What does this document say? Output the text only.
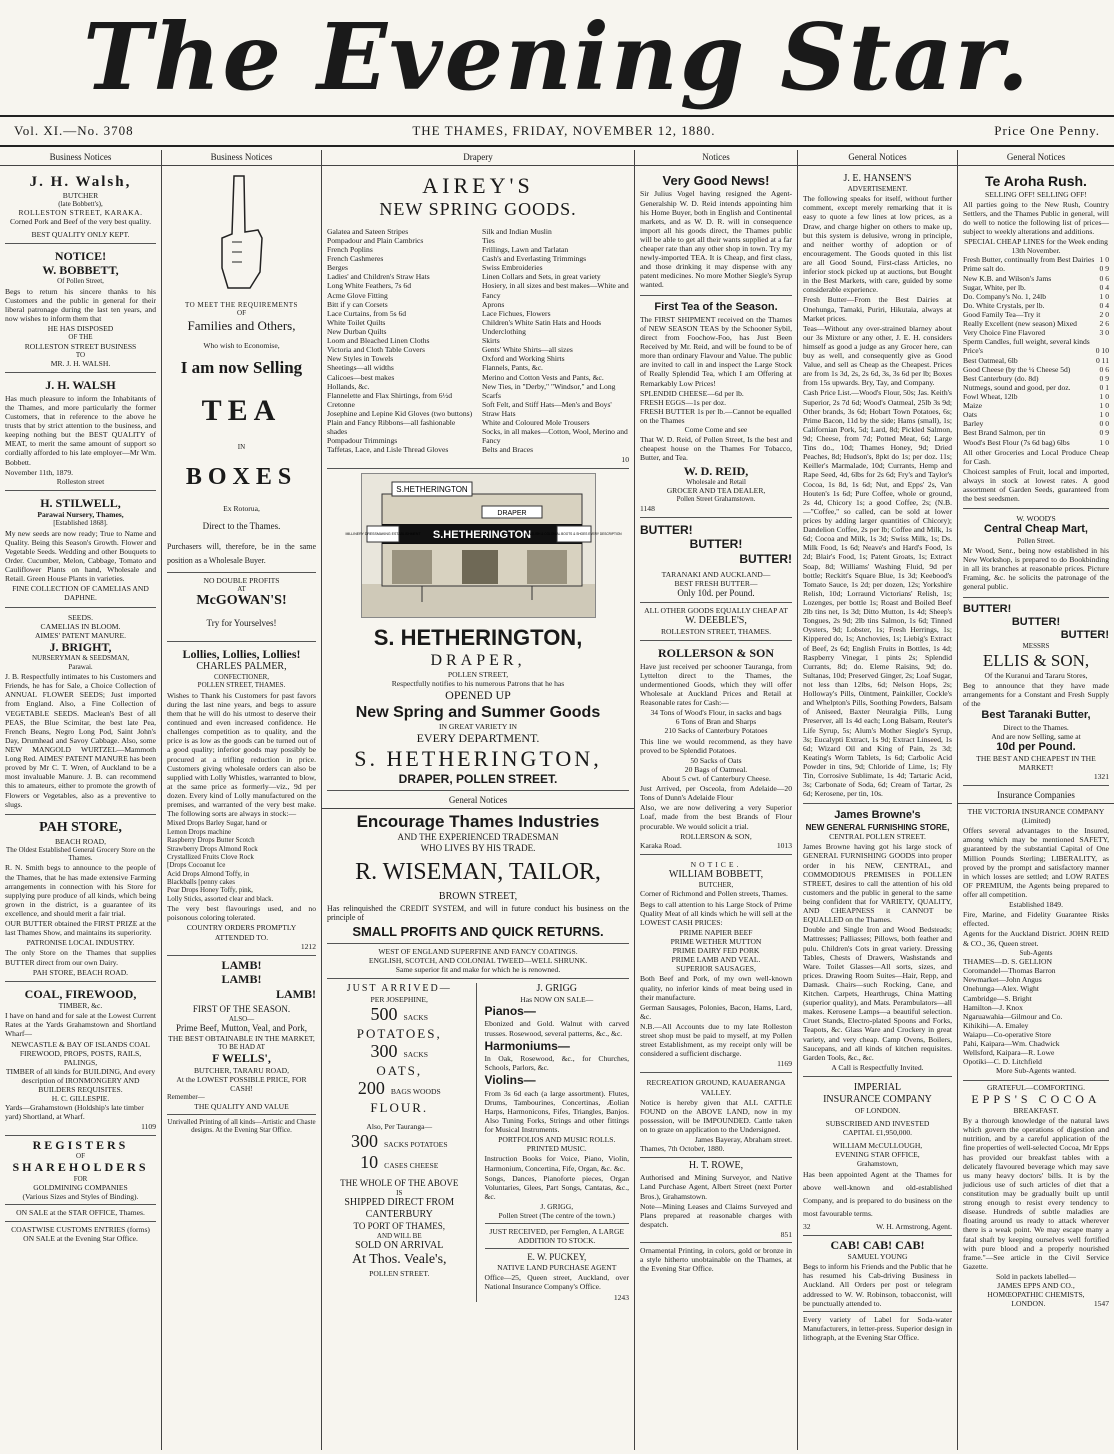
The Evening Star.
Vol. XI.—No. 3708	THE THAMES, FRIDAY, NOVEMBER 12, 1880.	Price One Penny.
Business Notices
J. H. Walsh,
BUTCHER
(late Bobbett's),
ROLLESTON STREET, KARAKA.
Corned Pork and Beef of the very best quality.
BEST QUALITY ONLY KEPT.
NOTICE!
W. BOBBETT,
Of Pollen Street,

Begs to return his sincere thanks to his Customers and the public in general for their liberal patronage during the last ten years, and now wishes to inform them that

HE HAS DISPOSED
OF THE
ROLLESTON STREET BUSINESS
TO
MR. J. H. WALSH.
J. H. WALSH

Has much pleasure to inform the Inhabitants of the Thames, and more particularly the former Customers, that in reference to the above he trusts that by strict attention to the business, and keeping nothing but the BEST QUALITY of MEAT, to merit the same amount of support so cordially afforded to his late employer—Mr Wm. Bobbett.

November 11th, 1879.
Rolleston street
H. STILWELL,
Parawai Nursery, Thames,
[Established 1868].

My new seeds are now ready; True to Name and Quality. Being this Season's Growth. Flower and Vegetable Seeds. Wedding and other Bouquets to Order. Cucumber, Melon, Cabbage, Tomato and Cauliflower Plants on hand, Wholesale and Retail. Green House Plants in varieties.

FINE COLLECTION OF CAMELIAS AND DAPHNE.
SEEDS.
CAMELIAS IN BLOOM.
AIMES' PATENT MANURE.
J. BRIGHT,
NURSERYMAN & SEEDSMAN,
Parawai.

J. B. Respectfully intimates to his Customers and Friends, he has for Sale, a Choice Collection of ANNUAL FLOWER SEEDS; Just imported from England. Also, a Fine Collection of VEGETABLE SEEDS. Maclean's Best of all PEAS, the Blue Scimitar, the best late Pea, French Beans, Negro Long Pod, Saint John's Day, Drumhead and Savoy Cabbage. Also, some NEW MANGOLD WURTZEL—Mammoth Long Red. AIMES' PATENT MANURE has been proved by Mr C. T. Wren, of Auckland to be a most invaluable Manure. J. B. can recommend this to amateurs, either to promote the growth of Flowers or Vegetables, also as a preventive to slugs.

PAH STORE,
BEACH ROAD,
The Oldest Established General Grocery Store on the Thames.

R. N. Smith begs to announce to the people of the Thames, that he has made extensive Farming arrangements in connection with his Store for supplying pure produce of all kinds, which being grown in the district, is a guarantee of its excellence, and should merit a fair trial.

OUR BUTTER obtained the FIRST PRIZE at the last Thames Show, and maintains its superiority.

PATRONISE LOCAL INDUSTRY.

The only Store on the Thames that supplies BUTTER direct from our own Dairy.

PAH STORE, BEACH ROAD.
COAL, FIREWOOD,
TIMBER, &c.

I have on hand and for sale at the Lowest Current Rates at the Yards Grahamstown and Shortland Wharf—

NEWCASTLE & BAY OF ISLANDS COAL
FIREWOOD, PROPS, POSTS, RAILS, PALINGS,
TIMBER of all kinds for BUILDING, And every description of IRONMONGERY AND BUILDERS REQUISITES.
H. C. GILLESPIE.
Yards—Grahamstown (Holdship's late timber yard) Shortland, at Wharf.
1109
REGISTERS
OF
SHAREHOLDERS
FOR
GOLDMINING COMPANIES
(Various Sizes and Styles of Binding).
ON SALE at the STAR OFFICE, Thames.
COASTWISE CUSTOMS ENTRIES (forms) ON SALE at the Evening Star Office.
Business Notices
TO MEET THE REQUIREMENTS
OF
Families and Others,
Who wish to Economise,
I am now Selling
TEA
IN
BOXES
Ex Rotorua,
Direct to the Thames.

Purchasers will, therefore, be in the same position as a Wholesale Buyer.

NO DOUBLE PROFITS
AT
McGOWAN'S!
Try for Yourselves!
Lollies, Lollies, Lollies!
CHARLES PALMER,
CONFECTIONER,
POLLEN STREET, THAMES.

Wishes to Thank his Customers for past favors during the last nine years, and begs to assure them that he will do his utmost to deserve their continued and even increased confidence. He challenges competition as to quality, and the price is as low as the goods can be turned out of a good quality; inferior goods may possibly be procured at a trifling reduction in price. Customers giving wholesale orders can also be supplied with Lolly Whistles, warranted to blow, at the same price as formerly—viz., 9d per dozen. Every kind of Lolly manufactured on the premises, and warranted of the very best make. The following sorts are always in stock:—

Mixed Drops Barley Sugar, hand or
Lemon Drops machine
Raspberry Drops Butter Scotch
Strawberry Drops Almond Rock
Crystallized Fruits Clove Rock
[Drops Cocoanut Ice
Acid Drops Almond Toffy, in
Blackballs [penny cakes
Pear Drops Honey Toffy, pink,
Lolly Sticks, assorted clear and black.

The very best flavourings used, and no poisonous coloring tolerated.

COUNTRY ORDERS PROMPTLY ATTENDED TO.
1212
LAMB!
LAMB!
LAMB!
FIRST OF THE SEASON.
ALSO—
Prime Beef, Mutton, Veal, and Pork,
THE BEST OBTAINABLE IN THE MARKET,
TO BE HAD AT
F WELLS',
BUTCHER, TARARU ROAD,
At the LOWEST POSSIBLE PRICE, FOR CASH!
Remember—
THE QUALITY AND VALUE
Unrivalled Printing of all kinds—Artistic and Chaste designs. At the Evening Star Office.
Drapery
AIREY'S
NEW SPRING GOODS.
Galatea and Sateen Stripes
Pompadour and Plain Cambrics
French Poplins
French Cashmeres
Berges
Ladies' and Children's Straw Hats
Long White Feathers, 7s 6d
Acme Glove Fitting
Bitt if y can Corsets
Lace Curtains, from 5s 6d
White Toilet Quilts
New Durban Quilts
Loom and Bleached Linen Cloths
Victoria and Cloth Table Covers
New Styles in Towels
Sheetings—all widths
Calicoes—best makes
Hollands, &c.
Flannelette and Flax Shirtings, from 6½d
Cretonne
Josephine and Lepine Kid Gloves (two buttons)
Plain and Fancy Ribbons—all fashionable shades
Pompadour Trimmings
Taffetas, Lace, and Lisle Thread Gloves
Silk and Indian Muslin
Ties
Frillings, Lawn and Tarlatan
Cash's and Everlasting Trimmings
Swiss Embroideries
Linen Collars and Sets, in great variety
Hosiery, in all sizes and best makes—White and Fancy
Aprons
Lace Fichues, Flowers
Children's White Satin Hats and Hoods
Underclothing
Skirts
Gents' White Shirts—all sizes
Oxford and Working Shirts
Flannels, Pants, &c.
Merino and Cotton Vests and Pants, &c.
New Ties, in "Derby," "Windsor," and Long Scarfs
Soft Felt, and Stiff Hats—Men's and Boys'
Straw Hats
White and Coloured Mole Trousers
Socks, in all makes—Cotton, Wool, Merino and Fancy
Belts and Braces
10
S.HETHERINGTON
DRAPER
S.HETHERINGTON
MILLINERY DRESSMAKING ESTABLISHMENT	ENGLISH & COLONIAL BOOTS & SHOES EVERY DESCRIPTION
S. HETHERINGTON,
DRAPER,
POLLEN STREET,
Respectfully notifies to his numerous Patrons that he has
OPENED UP
New Spring and Summer Goods
IN GREAT VARIETY IN
EVERY DEPARTMENT.
S. HETHERINGTON,
DRAPER, POLLEN STREET.
General Notices
Encourage Thames Industries
AND THE EXPERIENCED TRADESMAN
WHO LIVES BY HIS TRADE.
R. WISEMAN, TAILOR,
BROWN STREET,

Has relinquished the CREDIT SYSTEM, and will in future conduct his business on the principle of

SMALL PROFITS AND QUICK RETURNS.
WEST OF ENGLAND SUPERFINE AND FANCY COATINGS.
ENGLISH, SCOTCH, AND COLONIAL TWEED—WELL SHRUNK.
Same superior fit and make for which he is renowned.
JUST ARRIVED—
PER JOSEPHINE,
500 SACKS
POTATOES,
300 SACKS
OATS,
200 BAGS WOODS
FLOUR.
Also, Per Tauranga—
300 SACKS POTATOES
10 CASES CHEESE
THE WHOLE OF THE ABOVE
IS
SHIPPED DIRECT FROM
CANTERBURY
TO PORT OF THAMES,
AND WILL BE
SOLD ON ARRIVAL
At Thos. Veale's,
POLLEN STREET.
J. GRIGG
Has NOW ON SALE—
Pianos—

Ebonized and Gold. Walnut with carved trusses. Rosewood, several patterns, &c., &c.

Harmoniums—

In Oak, Rosewood, &c., for Churches, Schools, Parlors, &c.

Violins—

From 3s 6d each (a large assortment). Flutes, Drums, Tambourines, Concertinas, Æolian Harps, Harmonicons, Fifes, Triangles, Banjos. Also Tuning Forks, Strings and other fittings for Musical Instruments.

PORTFOLIOS AND MUSIC ROLLS. PRINTED MUSIC.

Instruction Books for Voice, Piano, Violin, Harmonium, Concertina, Fife, Organ, &c. &c.

Songs, Dances, Pianoforte pieces, Organ Voluntaries, Glees, Part Songs, Cantatas, &c., &c.

J. GRIGG,
Pollen Street (The centre of the town.)
JUST RECEIVED, per Fernglen, A LARGE ADDITION TO STOCK.
E. W. PUCKEY,
NATIVE LAND PURCHASE AGENT

Office—25, Queen street, Auckland, over National Insurance Company's Office.

1243
Notices
Very Good News!

Sir Julius Vogel having resigned the Agent-Generalship W. D. Reid intends appointing him his Home Buyer, both in English and Continental markets, and as W. D. R. will in consequence import all his goods direct, the Thames public will be able to get all their wants supplied at a far cheaper rate than any other shop in town. Try my newly-imported TEA. It is Cheap, and first class, and those drinking it may dispense with any patent medicines. No more Mother Siegle's Syrup wanted.

First Tea of the Season.

The FIRST SHIPMENT received on the Thames of NEW SEASON TEAS by the Schooner Sybil, direct from Foochow-Foo, has Just Been Received by Mr. Reid, and will be found to be of more than ordinary Flavour and Value. The public are invited to call in and inspect the Large Stock of Really Splendid Tea, which I am Offering at Remarkably Low Prices!

SPLENDID CHEESE—6d per lb.
FRESH EGGS—1s per doz.
FRESH BUTTER 1s per lb.—Cannot be equalled on the Thames
Come Come and see

That W. D. Reid, of Pollen Street, Is the best and cheapest house on the Thames For Tobacco, Butter, and Tea.

W. D. REID,
Wholesale and Retail
GROCER AND TEA DEALER,
Pollen Street Grahamstown.
1148
BUTTER!
BUTTER!
BUTTER!
TARANAKI AND AUCKLAND—
BEST FRESH BUTTER—
Only 10d. per Pound.
ALL OTHER GOODS EQUALLY CHEAP AT
W. DEEBLE'S,
ROLLESTON STREET, THAMES.
ROLLERSON & SON

Have just received per schooner Tauranga, from Lyttelton direct to the Thames, the undermentioned Goods, which they will offer Wholesale at Auckland Prices and Retail at Reasonable rates for Cash:—

34 Tons of Wood's Flour, in sacks and bags
6 Tons of Bran and Sharps
210 Sacks of Canterbury Potatoes

This line we would recommend, as they have proved to be Splendid Potatoes.

50 Sacks of Oats
20 Bags of Oatmeal.
About 5 cwt. of Canterbury Cheese.

Just Arrived, per Osceola, from Adelaide—20 Tons of Dunn's Adelaide Flour

Also, we are now delivering a very Superior Loaf, made from the best Brands of Flour procurable. We would solicit a trial.

ROLLERSON & SON,
Karaka Road.	1013
NOTICE.
WILLIAM BOBBETT,
BUTCHER,
Corner of Richmond and Pollen streets, Thames.

Begs to call attention to his Large Stock of Prime Quality Meat of all kinds which he will sell at the LOWEST CASH PRICES:

PRIME NAPIER BEEF
PRIME WETHER MUTTON
PRIME DAIRY FED PORK
PRIME LAMB AND VEAL.
SUPERIOR SAUSAGES,

Both Beef and Pork, of my own well-known quality, no inferior kinds of meat being used in their manufacture.

German Sausages, Polonies, Bacon, Hams, Lard, &c.

N.B.—All Accounts due to my late Rolleston street shop must be paid to myself, at my Pollen street Establishment, as my receipt only will be considered a sufficient discharge.

1169
RECREATION GROUND, KAUAERANGA VALLEY.

Notice is hereby given that ALL CATTLE FOUND on the ABOVE LAND, now in my possession, will be IMPOUNDED. Cattle taken on to graze on application to the Undersigned.

James Bayeray, Abraham street.
Thames, 7th October, 1880.
H. T. ROWE,

Authorised and Mining Surveyor, and Native Land Purchase Agent, Albert Street (next Porter Bros.), Grahamstown.

Note—Mining Leases and Claims Surveyed and Plans prepared at reasonable charges with despatch.

851

Ornamental Printing, in colors, gold or bronze in a style hitherto unobtainable on the Thames, at the Evening Star Office.

General Notices
J. E. HANSEN'S
ADVERTISEMENT.

The following speaks for itself, without further comment, except merely remarking that it is easy to quote a few lines at low prices, as a Draw, and charge higher on others to make up, but this system is delusive, wrong in principle, and neither worthy of adoption or of encouragement. The Goods quoted in this list are all Good Sound, First-class Articles, no inferior stock picked up at auctions, but Bought in the Best Markets, with care, guided by some considerable experience.

Fresh Butter—From the Best Dairies at Onehunga, Tamaki, Puriri, Hikutaia, always at Market prices.

Teas—Without any over-strained blarney about our 3s Mixture or any other, J. E. H. considers himself as good a judge as any Grocer here, can buy as well, and consequently give as Good Value, and sell as Cheap as the Cheapest. Prices are from 1s 3d, 2s, 2s 6d, 3s, 3s 6d per lb; Boxes from 15s upwards. Bry, Tay, and Company.

Cash Price List.—Wood's Flour, 50s; Jas. Keith's Superior, 2s 7d 6d; Wood's Oatmeal, 25lb 3s 9d; Other brands, 3s 6d; Hobart Town Potatoes, 6s; Prime Bacon, 11d by the side; Hams (small), 1s; Californian Pork, 5d; Lard, 8d; Pickled Salmon, 9d; Cheese, from 7d; Potted Meat, 6d; Large Tins do., 10d; Thames Honey, 9d; Dried Peaches, 8d; Hudson's, 8pkt do 1s; per doz. 11s; Keiller's Marmalade, 10d; Currants, Hemp and Rape Seed, 4d, 6lbs for 2s 6d; Fry's and Taylor's Cocoa, 1s 8d, 1s 6d; Nut, and Epps' 2s, Van Houten's 1s 6d; Pure Coffee, whole or ground, 2s 4d, Chicory 1s; a good Coffee, 2s; (N.B.—"Coffee," so called, can be sold at lower prices by adding larger quantities of Chicory); Dandelion Coffee, 2s per lb; Coffee and Milk, 1s 6d; Cocoa and Milk, 1s 3d; Swiss Milk, 1s; Ds. Milk Food, 1s 6d; Neave's and Hard's Food, 1s 2d; Blair's Food, 1s; Patent Groats, 1s; Extract Soap, 8d; Williams' Washing Fluid, 9d per bottle; Reckitt's Square Blue, 1s 3d; Keebood's Tomato Sauce, 1s 2d; per dozen, 12s; Yorkshire Relish, 10d; Lorraund Victorians' Relish, 1s; Lozenges, per bottle 1s; Roast and Boiled Beef 2lb tins net, 1s 3d; Ditto Mutton, 1s 4d; Sheep's Tongues, 2s 9d; 2lb tins Salmon, 1s 6d; Tinned Oysters, 9d; Lobster, 1s; Fresh Herrings, 1s; Kippered do, 1s; Anchovies, 1s; Liebig's Extract of Beef, 2s 6d; English Fruits in Bottles, 1s 4d; Raspberry Vinegar, 1 pints 2s; Splendid Currants, 8d; do. Eleme Raisins, 9d; do. Sultanas, 10d; Preserved Ginger, 2s; Loaf Sugar, not less than 12lbs, 6d; Nelson Hops, 2s; Holloway's Pills, Ointment, Painkiller, Cockle's and Whelpton's Pills, Soothing Powders, Balsam of Aniseed, Baxter Neuralgia Pills, Lung Preserver, all 1s 4d each; Long Balsam, Reuter's Life Syrup, 5s; Alum's Mother Siegle's Syrup, 3s; Eucalypti Extract, 1s 9d; Extract Linseed, 1s 6d; Wizard Oil and King of Pain, 2s 3d; Keating's Worm Tablets, 1s 6d; Carbolic Acid Powder in tins, 9d; Chloride of Lime, 1s; Fly Tin, Corrosive Sublimate, 1s 4d; Tartaric Acid, 3s; Carbonate of Soda, 6d; Cream of Tartar, 2s 6d; Kerosene, per tin, 10s.

James Browne's
NEW GENERAL FURNISHING STORE,
CENTRAL POLLEN STREET.

James Browne having got his large stock of GENERAL FURNISHING GOODS into proper order in his NEW, CENTRAL, and COMMODIOUS PREMISES in POLLEN STREET, desires to call the attention of his old customers and the public in general to the same being confident that for VARIETY, QUALITY, AND CHEAPNESS it CANNOT be EQUALLED on the Thames.

Double and Single Iron and Wood Bedsteads; Mattresses; Palliasses; Pillows, both feather and pulu. Children's Cots in great variety. Dressing Tables, Chests of Drawers, Washstands and Ware. Toilet Glasses—All sorts, sizes, and prices. Drawing Room Suites—Hair, Repp, and Damask. Chairs—such Rocking, Cane, and Kitchen. Carpets, Hearthrugs, China Matting (superior quality), and Mats. Perambulators—all makes. Kerosene Lamps—a beautiful selection. Cruet Stands, Electro-plated Spoons and Forks, Teapots, &c. Glass Ware and Crockery in great variety, and very cheap. Camp Ovens, Boilers, Saucepans, and all kinds of kitchen requisites. Garden Tools, &c., &c.

A Call is Respectfully Invited.
IMPERIAL
INSURANCE COMPANY
OF LONDON.
SUBSCRIBED AND INVESTED
CAPITAL £1,950,000.
WILLIAM McCULLOUGH,
EVENING STAR OFFICE,
Grahamstown,

Has been appointed Agent at the Thames for above well-known and old-established Company, and is prepared to do business on the most favourable terms.

32	W. H. Armstrong, Agent.
CAB! CAB! CAB!
SAMUEL YOUNG

Begs to inform his Friends and the Public that he has resumed his Cab-driving Business in Auckland. All Orders per post or telegram addressed to W. W. Robinson, tobacconist, will be punctually attended to.

Every variety of Label for Soda-water Manufacturers, in letter-press. Superior design in lithograph, at the Evening Star Office.

General Notices
Te Aroha Rush.
SELLING OFF! SELLING OFF!

All parties going to the New Rush, Country Settlers, and the Thames Public in general, will do well to notice the following list of prices—subject to weekly alterations and additions.

SPECIAL CHEAP LINES for the Week ending 13th November.
Fresh Butter, continually from Best Dairies 1 0
Prime salt do.	0 9
New K.B. and Wilson's Jams	0 6
Sugar, White, per lb.	0 4
Do. Company's No. 1, 24lb	1 0
Do. White Crystals, per lb.	0 4
Good Family Tea—Try it	2 0
Really Excellent (new season) Mixed	2 6
Very Choice Fine Flavored	3 0
Sperm Candles, full weight, several kinds
Price's	0 10
Best Oatmeal, 6lb	0 11
Good Cheese (by the ¼ Cheese 5d)	0 6
Best Canterbury (do. 8d)	0 9
Nutmegs, sound and good, per doz.	0 1
Fowl Wheat, 12lb	1 0
Maize	1 0
Oats	1 0
Barley	0 0
Best Brand Salmon, per tin	0 9
Wood's Best Flour (7s 6d bag) 6lbs	1 0

All other Groceries and Local Produce Cheap for Cash.

Choicest samples of Fruit, local and imported, always in stock at lowest rates. A good assortment of Garden Seeds, guaranteed from the best seedsmen.

W. WOOD'S
Central Cheap Mart,
Pollen Street.

Mr Wood, Senr., being now established in his New Workshop, is prepared to do Bookbinding in all its branches at reasonable prices. Picture Framing, &c. he solicits the patronage of the general public.

BUTTER!
BUTTER!
BUTTER!
MESSRS
ELLIS & SON,
Of the Kuranui and Tararu Stores,

Beg to announce that they have made arrangements for a Constant and Fresh Supply of the

Best Taranaki Butter,
Direct to the Thames.
And are now Selling, same at
10d per Pound.
THE BEST AND CHEAPEST IN THE MARKET!
1321
Insurance Companies
THE VICTORIA INSURANCE COMPANY (Limited)

Offers several advantages to the Insured, among which may be mentioned SAFETY, guaranteed by the substantial Capital of One Million Pounds Sterling; LIBERALITY, as proved by the prompt and satisfactory manner in which losses are settled; and LOW RATES OF PREMIUM, the Agents being prepared to offer all competition.

Established 1849.

Fire, Marine, and Fidelity Guarantee Risks effected.

Agents for the Auckland District. JOHN REID & CO., 36, Queen street.

Sub-Agents
THAMES—D. S. GELLION
Coromandel—Thomas Barron
Newmarket—John Angus
Onehunga—Alex. Wight
Cambridge—S. Bright
Hamilton—J. Knox
Ngaruawahia—Gilmour and Co.
Kihikihi—A. Emaley
Waiapu—Co-operative Store
Pahi, Kaipara—Wm. Chadwick
Wellsford, Kaipara—R. Lowe
Opotiki—C. D. Litchfield
More Sub-Agents wanted.
GRATEFUL—COMFORTING.
EPPS'S COCOA
BREAKFAST.

By a thorough knowledge of the natural laws which govern the operations of digestion and nutrition, and by a careful application of the fine properties of well-selected Cocoa, Mr Epps has provided our breakfast tables with a delicately flavoured beverage which may save us many heavy doctors' bills. It is by the judicious use of such articles of diet that a constitution may be gradually built up until strong enough to resist every tendency to disease. Hundreds of subtle maladies are floating around us ready to attack wherever there is a weak point. We may escape many a fatal shaft by keeping ourselves well fortified with pure blood and a properly nourished frame."—See article in the Civil Service Gazette.

Sold in packets labelled—
JAMES EPPS AND CO.,
HOMŒOPATHIC CHEMISTS,
LONDON.	1547
